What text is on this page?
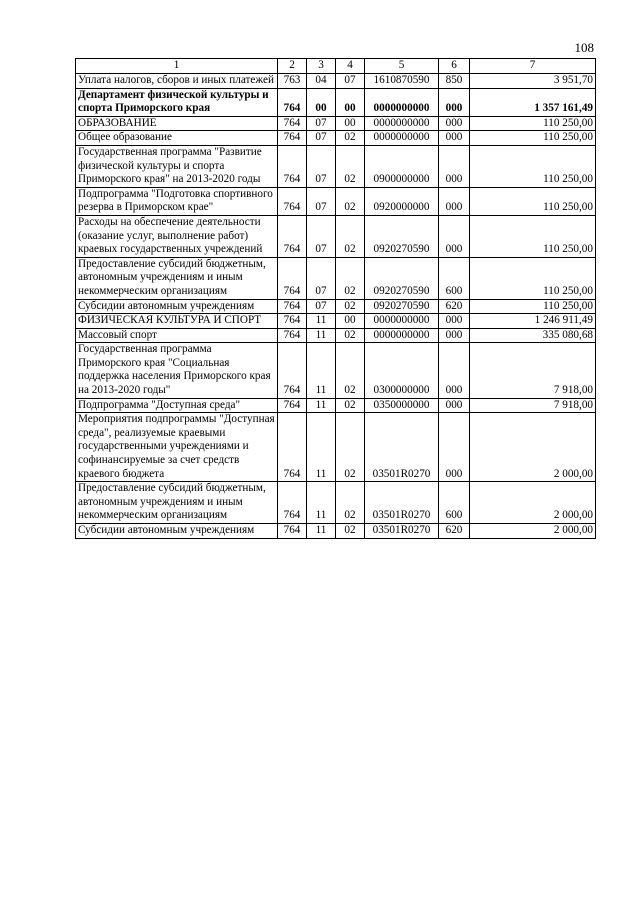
108
1	2	3	4	5	6	7
Уплата налогов, сборов и иных платежей	763	04	07	1610870590	850	3 951,70
Департамент физической культуры и спорта Приморского края	764	00	00	0000000000	000	1 357 161,49
ОБРАЗОВАНИЕ	764	07	00	0000000000	000	110 250,00
Общее образование	764	07	02	0000000000	000	110 250,00
Государственная программа "Развитие физической культуры и спорта Приморского края" на 2013-2020 годы	764	07	02	0900000000	000	110 250,00
Подпрограмма "Подготовка спортивного резерва в Приморском крае"	764	07	02	0920000000	000	110 250,00
Расходы на обеспечение деятельности (оказание услуг, выполнение работ) краевых государственных учреждений	764	07	02	0920270590	000	110 250,00
Предоставление субсидий бюджетным, автономным учреждениям и иным некоммерческим организациям	764	07	02	0920270590	600	110 250,00
Субсидии автономным учреждениям	764	07	02	0920270590	620	110 250,00
ФИЗИЧЕСКАЯ КУЛЬТУРА И СПОРТ	764	11	00	0000000000	000	1 246 911,49
Массовый спорт	764	11	02	0000000000	000	335 080,68
Государственная программа Приморского края "Социальная поддержка населения Приморского края на 2013-2020 годы"	764	11	02	0300000000	000	7 918,00
Подпрограмма "Доступная среда"	764	11	02	0350000000	000	7 918,00
Мероприятия подпрограммы "Доступная среда", реализуемые краевыми государственными учреждениями и софинансируемые за счет средств краевого бюджета	764	11	02	03501R0270	000	2 000,00
Предоставление субсидий бюджетным, автономным учреждениям и иным некоммерческим организациям	764	11	02	03501R0270	600	2 000,00
Субсидии автономным учреждениям	764	11	02	03501R0270	620	2 000,00
